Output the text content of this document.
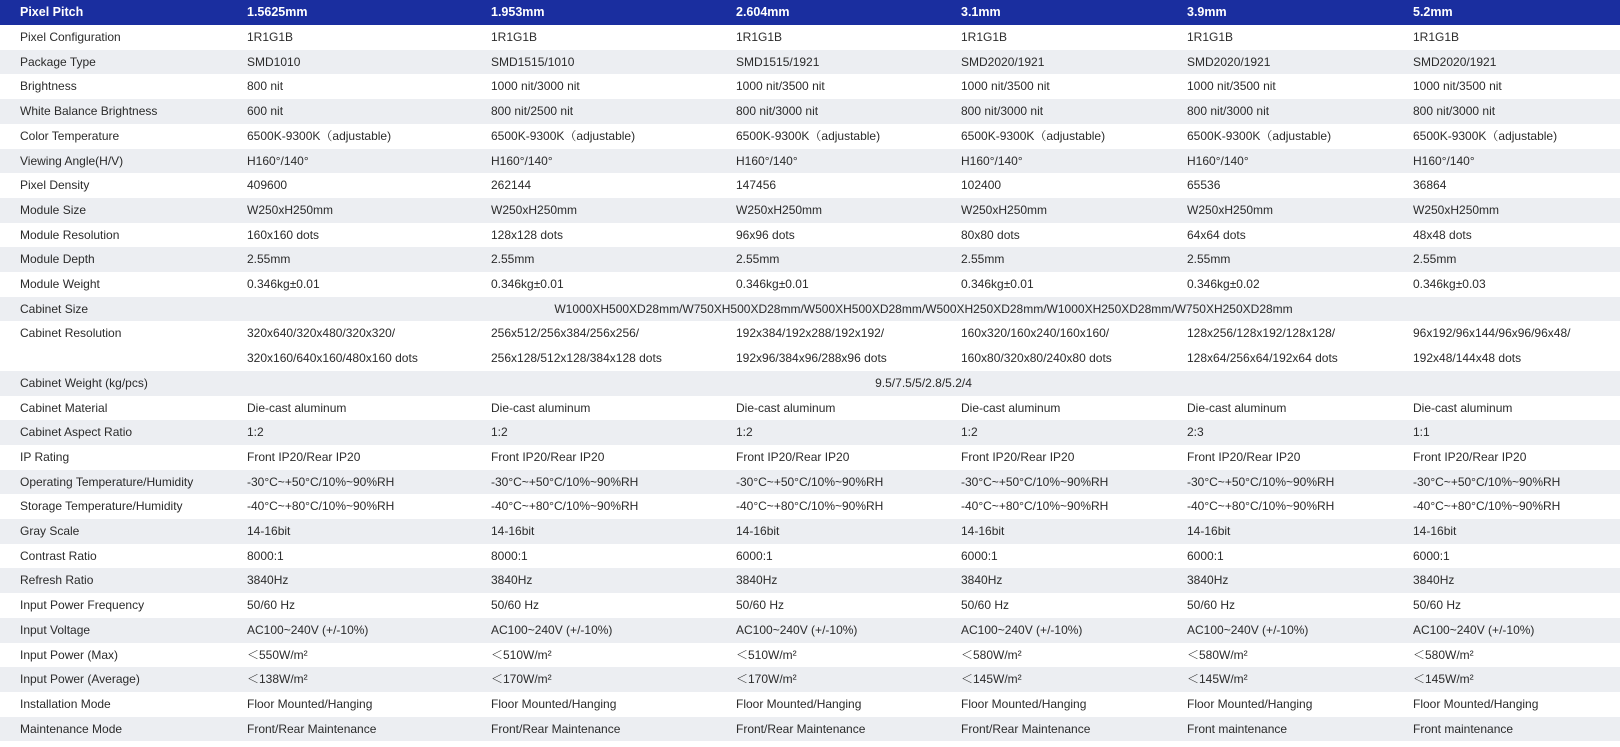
Pixel Pitch	1.5625mm	1.953mm	2.604mm	3.1mm	3.9mm	5.2mm
Pixel Configuration	1R1G1B	1R1G1B	1R1G1B	1R1G1B	1R1G1B	1R1G1B
Package Type	SMD1010	SMD1515/1010	SMD1515/1921	SMD2020/1921	SMD2020/1921	SMD2020/1921
Brightness	800 nit	1000 nit/3000 nit	1000 nit/3500 nit	1000 nit/3500 nit	1000 nit/3500 nit	1000 nit/3500 nit
White Balance Brightness	600 nit	800 nit/2500 nit	800 nit/3000 nit	800 nit/3000 nit	800 nit/3000 nit	800 nit/3000 nit
Color Temperature	6500K-9300K（adjustable)	6500K-9300K（adjustable)	6500K-9300K（adjustable)	6500K-9300K（adjustable)	6500K-9300K（adjustable)	6500K-9300K（adjustable)
Viewing Angle(H/V)	H160°/140°	H160°/140°	H160°/140°	H160°/140°	H160°/140°	H160°/140°
Pixel Density	409600	262144	147456	102400	65536	36864
Module Size	W250xH250mm	W250xH250mm	W250xH250mm	W250xH250mm	W250xH250mm	W250xH250mm
Module Resolution	160x160 dots	128x128 dots	96x96 dots	80x80 dots	64x64 dots	48x48 dots
Module Depth	2.55mm	2.55mm	2.55mm	2.55mm	2.55mm	2.55mm
Module Weight	0.346kg±0.01	0.346kg±0.01	0.346kg±0.01	0.346kg±0.01	0.346kg±0.02	0.346kg±0.03
Cabinet Size	W1000XH500XD28mm/W750XH500XD28mm/W500XH500XD28mm/W500XH250XD28mm/W1000XH250XD28mm/W750XH250XD28mm					
Cabinet Resolution	320x640/320x480/320x320/	256x512/256x384/256x256/	192x384/192x288/192x192/	160x320/160x240/160x160/	128x256/128x192/128x128/	96x192/96x144/96x96/96x48/
	320x160/640x160/480x160 dots	256x128/512x128/384x128 dots	192x96/384x96/288x96 dots	160x80/320x80/240x80 dots	128x64/256x64/192x64 dots	192x48/144x48 dots
Cabinet Weight (kg/pcs)	9.5/7.5/5/2.8/5.2/4					
Cabinet Material	Die-cast aluminum	Die-cast aluminum	Die-cast aluminum	Die-cast aluminum	Die-cast aluminum	Die-cast aluminum
Cabinet Aspect Ratio	1:2	1:2	1:2	1:2	2:3	1:1
IP Rating	Front IP20/Rear IP20	Front IP20/Rear IP20	Front IP20/Rear IP20	Front IP20/Rear IP20	Front IP20/Rear IP20	Front IP20/Rear IP20
Operating Temperature/Humidity	-30°C~+50°C/10%~90%RH	-30°C~+50°C/10%~90%RH	-30°C~+50°C/10%~90%RH	-30°C~+50°C/10%~90%RH	-30°C~+50°C/10%~90%RH	-30°C~+50°C/10%~90%RH
Storage Temperature/Humidity	-40°C~+80°C/10%~90%RH	-40°C~+80°C/10%~90%RH	-40°C~+80°C/10%~90%RH	-40°C~+80°C/10%~90%RH	-40°C~+80°C/10%~90%RH	-40°C~+80°C/10%~90%RH
Gray Scale	14-16bit	14-16bit	14-16bit	14-16bit	14-16bit	14-16bit
Contrast Ratio	8000:1	8000:1	6000:1	6000:1	6000:1	6000:1
Refresh Ratio	3840Hz	3840Hz	3840Hz	3840Hz	3840Hz	3840Hz
Input Power Frequency	50/60 Hz	50/60 Hz	50/60 Hz	50/60 Hz	50/60 Hz	50/60 Hz
Input Voltage	AC100~240V (+/-10%)	AC100~240V (+/-10%)	AC100~240V (+/-10%)	AC100~240V (+/-10%)	AC100~240V (+/-10%)	AC100~240V (+/-10%)
Input Power (Max)	＜550W/m²	＜510W/m²	＜510W/m²	＜580W/m²	＜580W/m²	＜580W/m²
Input Power (Average)	＜138W/m²	＜170W/m²	＜170W/m²	＜145W/m²	＜145W/m²	＜145W/m²
Installation Mode	Floor Mounted/Hanging	Floor Mounted/Hanging	Floor Mounted/Hanging	Floor Mounted/Hanging	Floor Mounted/Hanging	Floor Mounted/Hanging
Maintenance Mode	Front/Rear Maintenance	Front/Rear Maintenance	Front/Rear Maintenance	Front/Rear Maintenance	Front maintenance	Front maintenance
